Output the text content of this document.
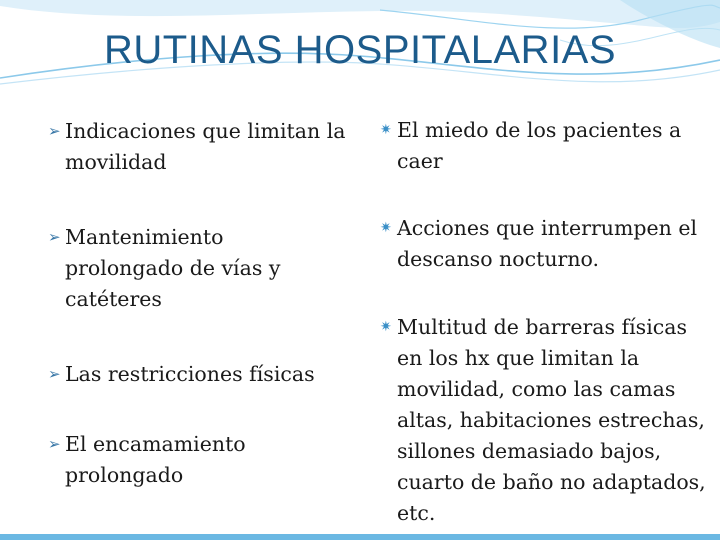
RUTINAS HOSPITALARIAS
➢ Indicaciones que limitan la movilidad
➢ Mantenimiento prolongado de vías y catéteres
➢ Las restricciones físicas
➢ El encamamiento prolongado
✷ El miedo de los pacientes a caer
✷ Acciones que interrumpen el descanso nocturno.
✷ Multitud de barreras físicas en los hx que limitan la movilidad, como las camas altas, habitaciones estrechas, sillones demasiado bajos, cuarto de baño no adaptados, etc.
